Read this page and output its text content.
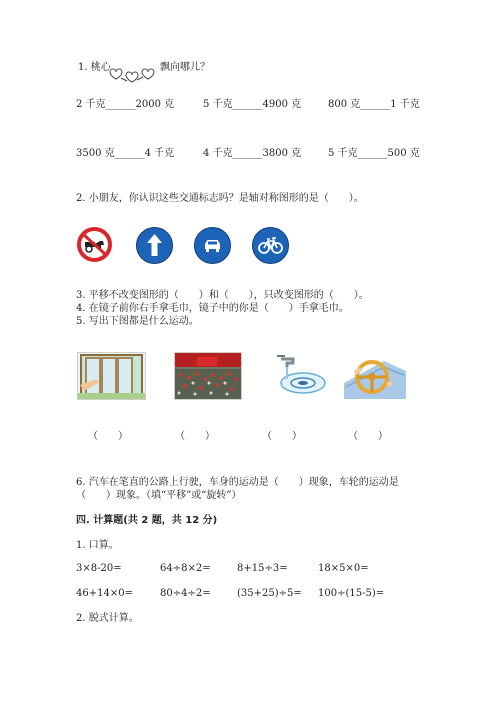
1. 桃心	飘向哪儿？
2 千克______2000 克	5 千克______4900 克	800 克______1 千克
3500 克______4 千克	4 千克______3800 克	5 千克______500 克
2. 小朋友，你认识这些交通标志吗？是轴对称图形的是（　　）。
3. 平移不改变图形的（　　）和（　　），只改变图形的（　　）。
4. 在镜子前你右手拿毛巾，镜子中的你是（　　）手拿毛巾。
5. 写出下图都是什么运动。
（　　）	（　　）	（　　）	（　　）
6. 汽车在笔直的公路上行驶，车身的运动是（　　）现象，车轮的运动是
（　　）现象。（填“平移”或“旋转”）
四. 计算题(共 2 题，共 12 分)
1. 口算。
3×8-20=	64÷8×2=	8+15÷3=	18×5×0=
46+14×0=	80÷4÷2=	(35+25)÷5= 100÷(15-5)=
2. 脱式计算。
